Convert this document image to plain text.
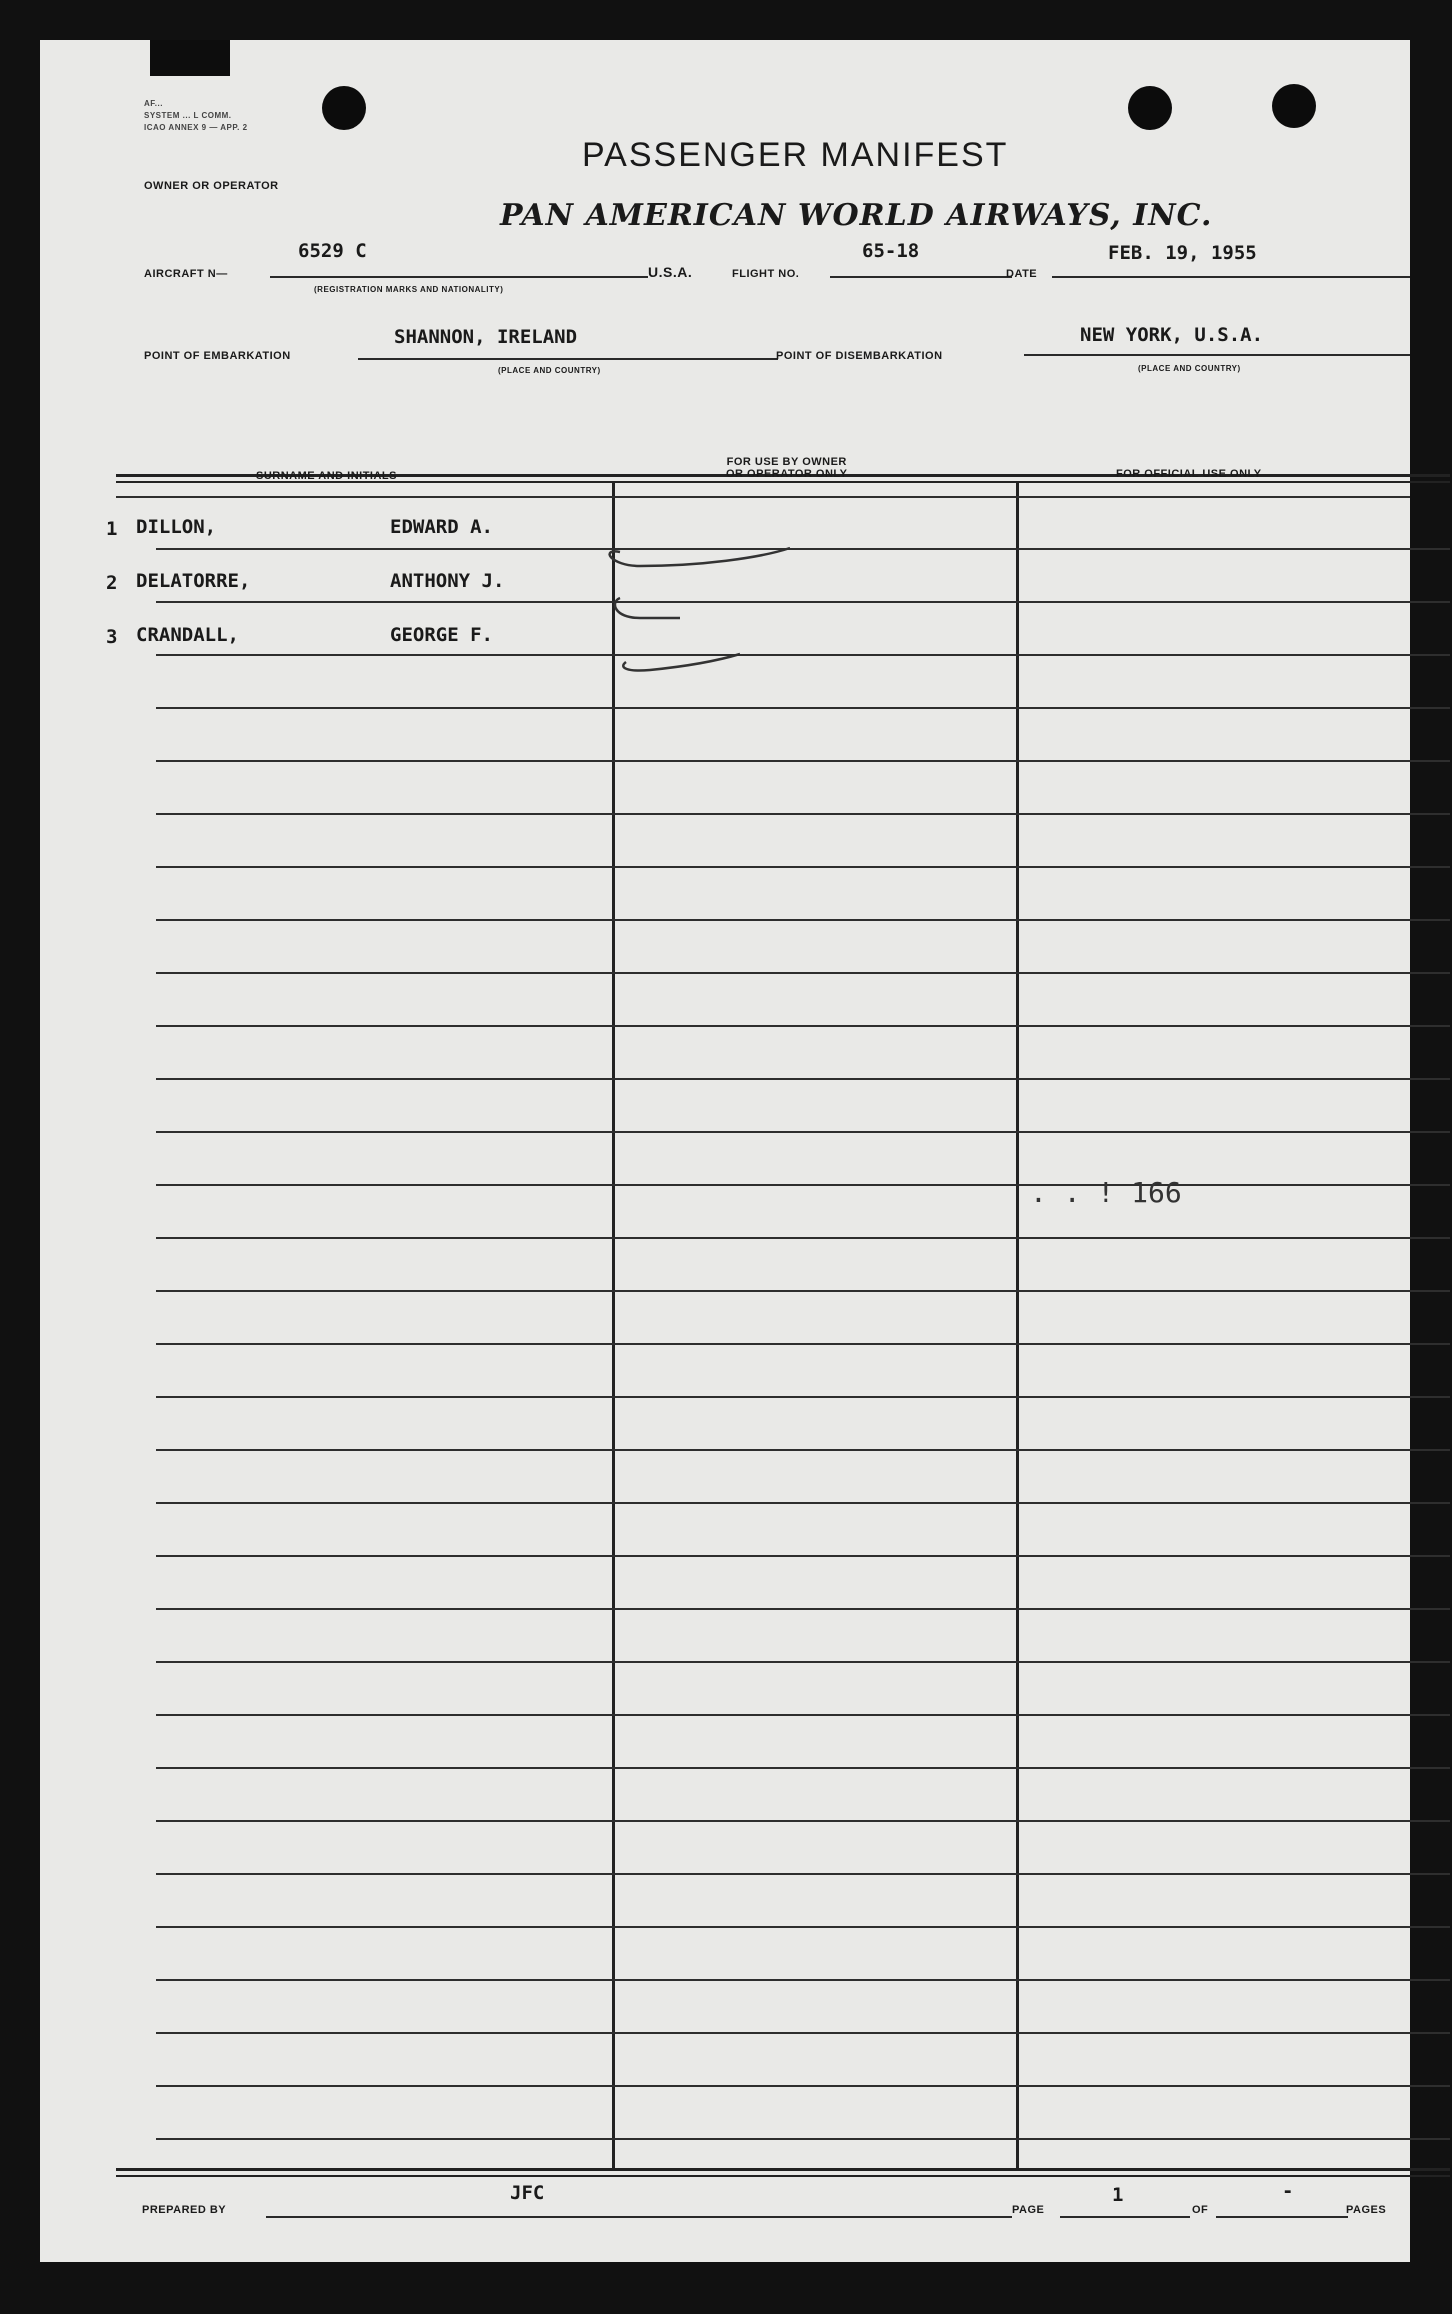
AF...
SYSTEM ... L COMM.
ICAO ANNEX 9 — APP. 2
PASSENGER MANIFEST
OWNER OR OPERATOR
PAN AMERICAN WORLD AIRWAYS, INC.
AIRCRAFT N—
6529 C
(REGISTRATION MARKS AND NATIONALITY)
U.S.A.	FLIGHT NO.
65-18
DATE
FEB. 19, 1955
POINT OF EMBARKATION
SHANNON, IRELAND
(PLACE AND COUNTRY)
POINT OF DISEMBARKATION
NEW YORK, U.S.A.
(PLACE AND COUNTRY)
SURNAME AND INITIALS
FOR USE BY OWNER
OR OPERATOR ONLY	FOR OFFICIAL USE ONLY
1 DILLON,	EDWARD A.
2 DELATORRE,	ANTHONY J.
3 CRANDALL,	GEORGE F.
. . ! 166
PREPARED BY
JFC
PAGE
1
OF
-
PAGES
